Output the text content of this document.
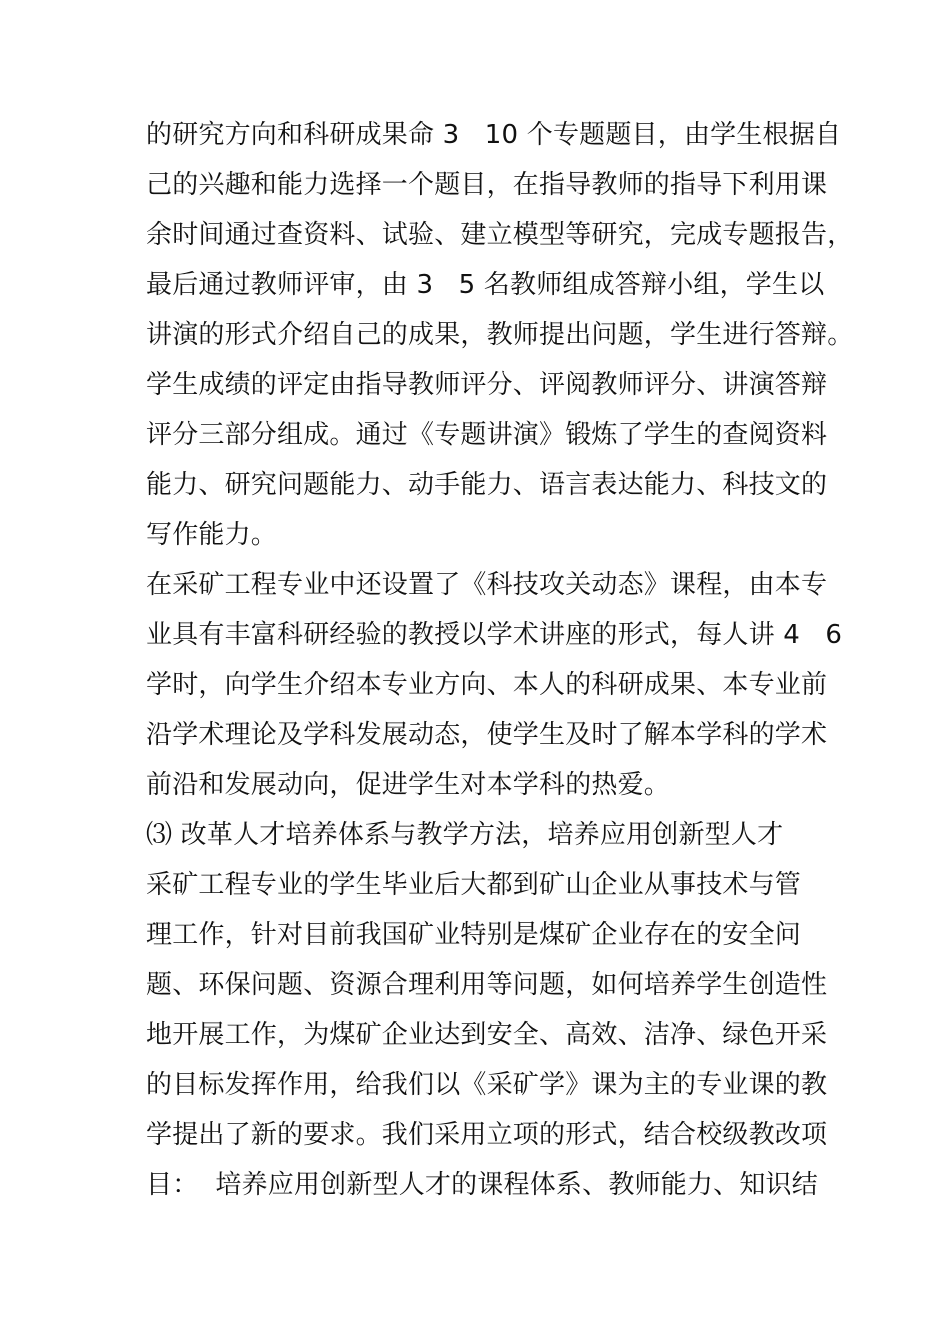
的研究方向和科研成果命 3   10 个专题题目，由学生根据自
己的兴趣和能力选择一个题目，在指导教师的指导下利用课
余时间通过查资料、试验、建立模型等研究，完成专题报告，
最后通过教师评审，由 3   5 名教师组成答辩小组，学生以
讲演的形式介绍自己的成果，教师提出问题，学生进行答辩。
学生成绩的评定由指导教师评分、评阅教师评分、讲演答辩
评分三部分组成。通过《专题讲演》锻炼了学生的查阅资料
能力、研究问题能力、动手能力、语言表达能力、科技文的
写作能力。
在采矿工程专业中还设置了《科技攻关动态》课程，由本专
业具有丰富科研经验的教授以学术讲座的形式，每人讲 4   6
学时，向学生介绍本专业方向、本人的科研成果、本专业前
沿学术理论及学科发展动态，使学生及时了解本学科的学术
前沿和发展动向，促进学生对本学科的热爱。
⑶ 改革人才培养体系与教学方法，培养应用创新型人才
采矿工程专业的学生毕业后大都到矿山企业从事技术与管
理工作，针对目前我国矿业特别是煤矿企业存在的安全问
题、环保问题、资源合理利用等问题，如何培养学生创造性
地开展工作，为煤矿企业达到安全、高效、洁净、绿色开采
的目标发挥作用，给我们以《采矿学》课为主的专业课的教
学提出了新的要求。我们采用立项的形式，结合校级教改项
目：  培养应用创新型人才的课程体系、教师能力、知识结
